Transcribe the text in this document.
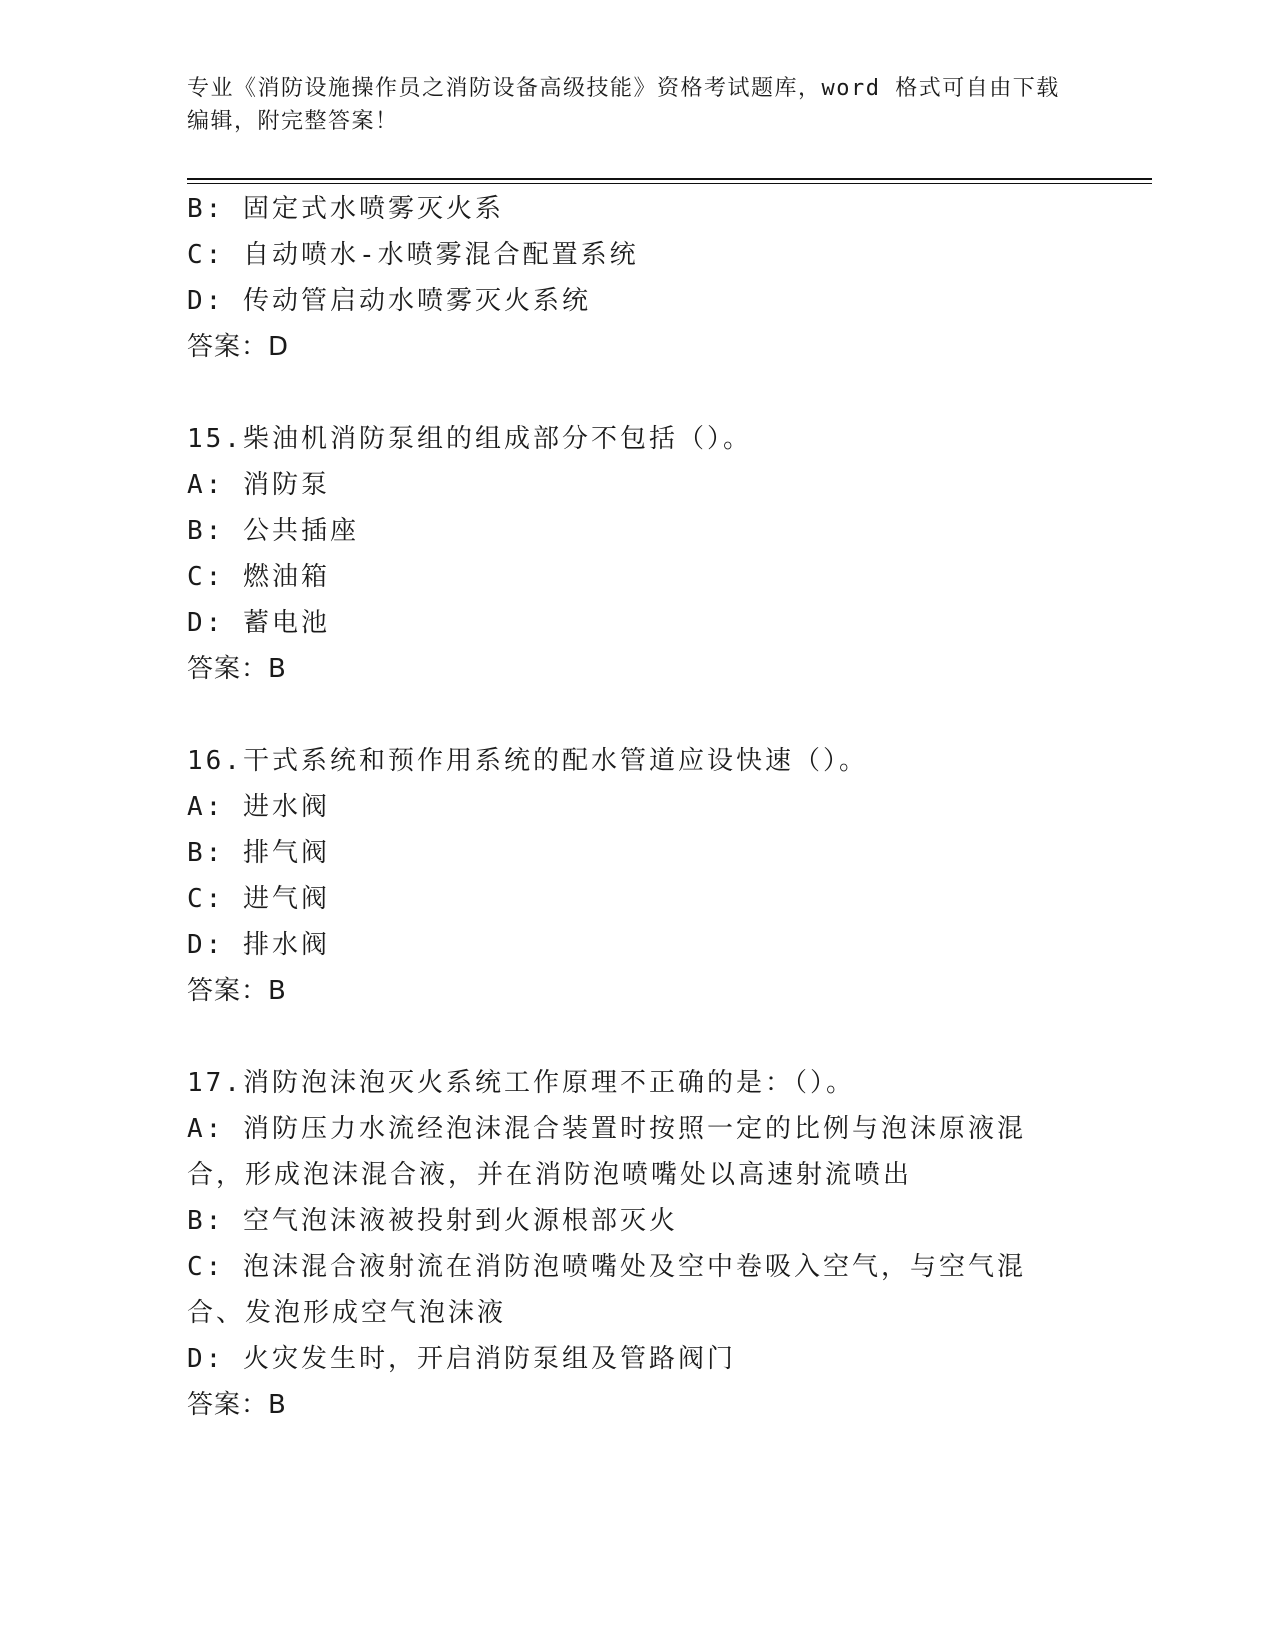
专业《消防设施操作员之消防设备高级技能》资格考试题库，word 格式可自由下载编辑，附完整答案！
B: 固定式水喷雾灭火系
C: 自动喷水-水喷雾混合配置系统
D: 传动管启动水喷雾灭火系统
答案：D
15.柴油机消防泵组的组成部分不包括（）。
A: 消防泵
B: 公共插座
C: 燃油箱
D: 蓄电池
答案：B
16.干式系统和预作用系统的配水管道应设快速（）。
A: 进水阀
B: 排气阀
C: 进气阀
D: 排水阀
答案：B
17.消防泡沫泡灭火系统工作原理不正确的是：（）。
A: 消防压力水流经泡沫混合装置时按照一定的比例与泡沫原液混合，形成泡沫混合液，并在消防泡喷嘴处以高速射流喷出
B: 空气泡沫液被投射到火源根部灭火
C: 泡沫混合液射流在消防泡喷嘴处及空中卷吸入空气，与空气混合、发泡形成空气泡沫液
D: 火灾发生时，开启消防泵组及管路阀门
答案：B
